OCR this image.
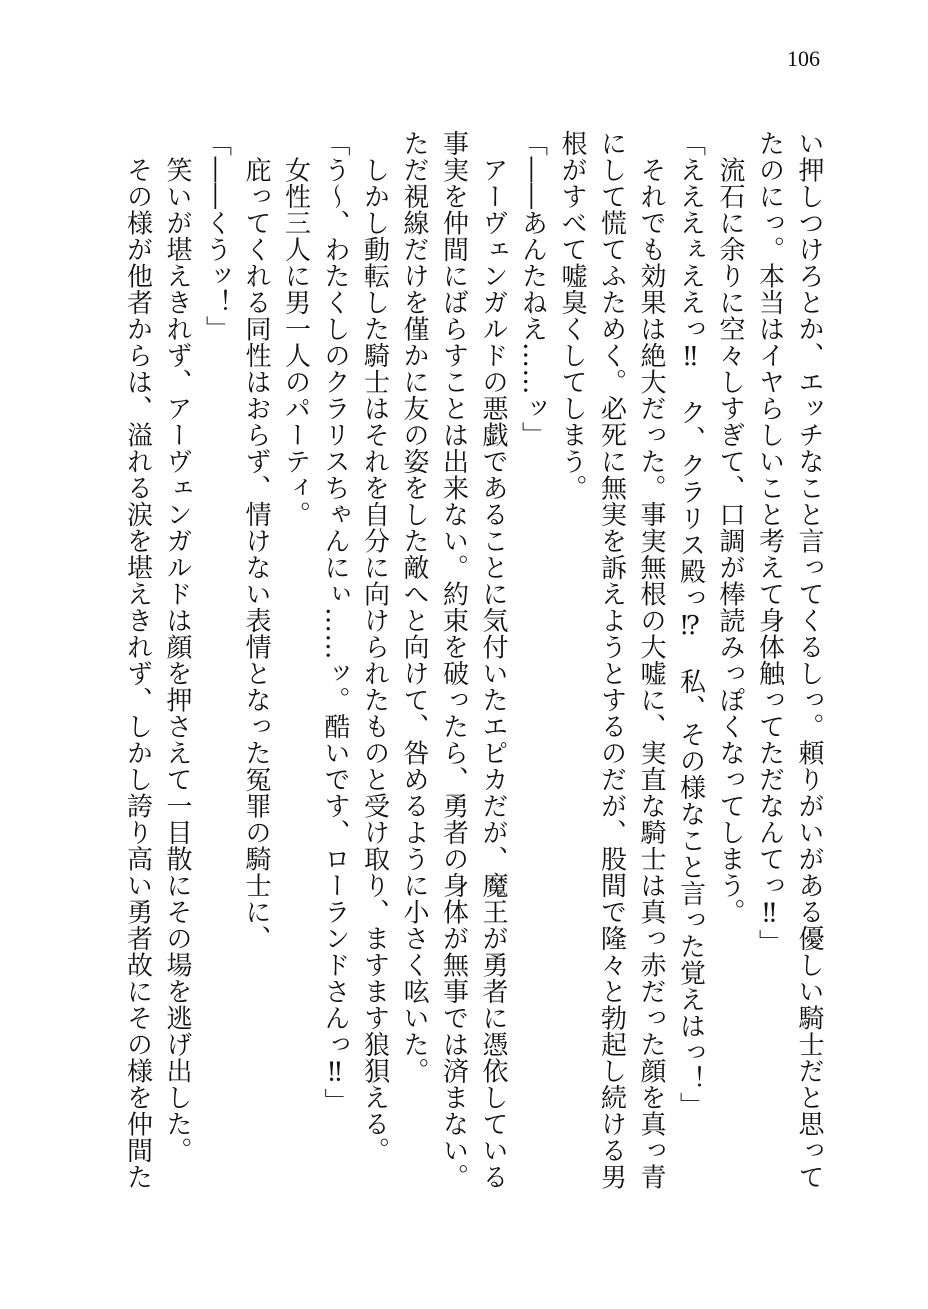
106
い押しつけろとか、エッチなこと言ってくるしっ。頼りがいがある優しい騎士だと思って
たのにっ。本当はイヤらしいこと考えて身体触ってただなんてっ‼」
　流石に余りに空々しすぎて、口調が棒読みっぽくなってしまう。
「えええぇええっ‼　ク、クラリス殿っ⁉　私、その様なこと言った覚えはっ！」
　それでも効果は絶大だった。事実無根の大嘘に、実直な騎士は真っ赤だった顔を真っ青
にして慌てふためく。必死に無実を訴えようとするのだが、股間で隆々と勃起し続ける男
根がすべて嘘臭くしてしまう。
「――あんたねえ……ッ」
　アーヴェンガルドの悪戯であることに気付いたエピカだが、魔王が勇者に憑依している
事実を仲間にばらすことは出来ない。約束を破ったら、勇者の身体が無事では済まない。
ただ視線だけを僅かに友の姿をした敵へと向けて、咎めるように小さく呟いた。
　しかし動転した騎士はそれを自分に向けられたものと受け取り、ますます狼狽える。
「う～、わたくしのクラリスちゃんにぃ……ッ。酷いです、ローランドさんっ‼」
　女性三人に男一人のパーティ。
　庇ってくれる同性はおらず、情けない表情となった冤罪の騎士に、
「――くうッ！」
　笑いが堪えきれず、アーヴェンガルドは顔を押さえて一目散にその場を逃げ出した。
　その様が他者からは、溢れる涙を堪えきれず、しかし誇り高い勇者故にその様を仲間た
